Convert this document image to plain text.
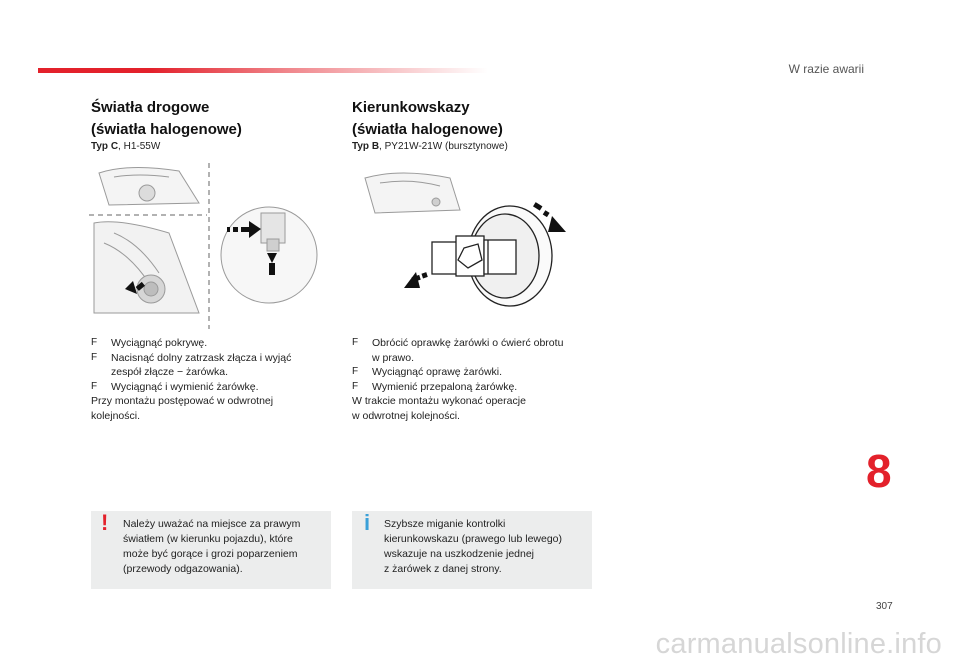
W razie awarii
Światła drogowe
(światła halogenowe)
Typ C, H1-55W
F Wyciągnąć pokrywę.
F Nacisnąć dolny zatrzask złącza i wyjąć
zespół złącze − żarówka.
F Wyciągnąć i wymienić żarówkę.
Przy montażu postępować w odwrotnej
kolejności.
! Należy uważać na miejsce za prawym
światłem (w kierunku pojazdu), które
może być gorące i grozi poparzeniem
(przewody odgazowania).
Kierunkowskazy
(światła halogenowe)
Typ B, PY21W-21W (bursztynowe)
F Obrócić oprawkę żarówki o ćwierć obrotu
w prawo.
F Wyciągnąć oprawę żarówki.
F Wymienić przepaloną żarówkę.
W trakcie montażu wykonać operacje
w odwrotnej kolejności.
i Szybsze miganie kontrolki
kierunkowskazu (prawego lub lewego)
wskazuje na uszkodzenie jednej
z żarówek z danej strony.
8
307
carmanualsonline.info
